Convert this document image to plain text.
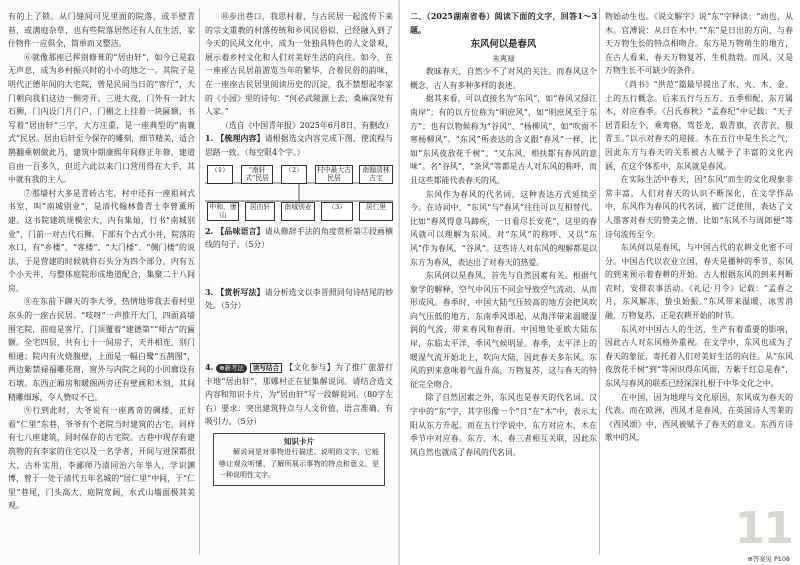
有的上了锁。从门缝间可见里面的院落，或半壁青苔，或满庭杂草，也有些院落居然还有人在生活，家什物件一应俱全，简单而又整洁。

⑥就像那座已挥别修葺的“居由轩”，如今已是寂无声息，成为乡村振兴时的小小的地之一。其院子是明代正德年间的大宅院，曾是民间当日的“客厅”，大门朝向我们这边一侧旁开。三进大夜，门外有一封大石狮，门内设门月门户，门楣之上挂着一块匾额，书写着“居由轩”三字，大方庄重，是一座典型的“南襄式”民居。居由后轩至今保存的雕刻，细节精美，适合鹊翻乘朝做此乃，建筑中期康熙年间修正年修，建道自由一百多久，但近六此以来门口营用得在大手，其中就有我的主人。

⑦那墙村大多是青砖古宅，村中还有一座祖祠式书室，叫“南城别业”，是清代翰林鲁青士李曾薰所建。这书院建筑规模宏大，内有集灿，行书“南城别业”，门前一对古代石狮。下部有个古式小井，院落的水口，有“乡楼”，“客楼”、“大门楼”、“侧门楼”的说法，于是营建的时候就将石头分为四个部分。内有五个小天井，与整体庭院形成地道配合，集聚二十八间房。

⑧在东前下聊天的李大爷，热情地带我去看村里东头的一座古民居。“吱呀”一声推开大门，四面高墙围宅院，前庭是客厅，门顶覆着“建德第”“师古”的匾额。全宅四层，共有七十一间房子，天井相连，别门相通；院内有火烧腹壁，上面是一幅白鹭“五鹊图”，两边紫禁禄福雕花窗，窗外与内院之间的小回廊设有石墩。东西正厢房和暖阁两旁还有壁画和木刻，其间精雕细琢，令人赞叹不已。

⑨行到此时，大爷说有一座离奇的碉楼，正好看“仁里”东巷，爷爷有个老院当时建筑的古宅，同样有七八座建筑，同时保存的古宅院。古巷中现存有建筑物的有李家的住宅以及一名学者，开间与进深都很大，古朴实用，李鄙师乃清同治六年举人，学识渊博，曾于一处于清代五年名城的“居仁里”中间，于“仁里”巷尾，门头高大，庭院宽阔，水式山墙面极其美观。

⑩步出巷口，我思村着，与古民居一起流传下来的宗文重教的村落传统和乡风民俗似，已经融入到了今天的民风文化中，成为一处独具特色的人文景观，展示着乡村文化和人们对美好生活的向往。如今，在一座座古民居前游览当年的繁华，合着民俗的韵味，在一座座古民居里阅读历史的沉淀，我不禁想起李家的《小园》里的诗句：“何必武陵源上去，桑麻深处有人家。”

（选自《中国青年报》2025年6月8日，有删改）

1. 【梳理内容】请根据选文内容完成下图，使流程与思路一致。（每空限4个字。）

（1）	“南轩式”民居
（2）	村中最大古民居
南翰清林古宅
中和、康山
居由轩	南城别业	（3）	居仁里

2. 【品味语言】请从修辞手法的角度赏析第②段画横线的句子。（5分）

3. 【赏析写法】请分析选文以李晋照同句诗结尾的妙处。（5分）

4. ⊕新考法 读写结合 【文化参与】为了推广旅游打卡地“居由轩”，那娜村正在征集解说词。请结合选文内容和知识卡片，为“居由轩”写一段解说词。（80字左右）要求：突出建筑特点与人文价值，语言准确、有吸引力。（5分）

知识卡片
解说词是对事物进行描述、说明的文字，它能够让观众听懂、了解所展示事物的特点和意义，是一种说明性文字。

二、（2025湖南省卷）阅读下面的文字，回答1～3题。

东风何以是春风
朱爽禄

教昧春天，自然少不了对风的关注。而春风这个概念，古人有多种多样的表述。

据其来看，可以直接名为“东风”，如“春风又绿江南岸”；有的以方位称为“明庶风”，如“明庶风至于东方”；也有以物候称为“谷风”、“杨柳风”，如“吹面不寒杨柳风”。“东风”所表达的含义跟“春风”一样，比如“东风夜放花千树”、“又东风，相扶都有春风的意味”。名“谷风”、“条风”等都是古人对东风的称呼，而且这些都能代表春天的风。

东风作为春风的代名词，这种表达方式延续至今。在诗词中，“东风”与“春风”往往可以互相替代。比如“春风得意马蹄疾，一日看尽长安花”，这里的春风就可以理解为东风。对“东风”的称呼、又以“东风”作为春风、“谷风”。这些诗人对东风的理解都是以东方为春风，表达出了对春天的热爱。

东风何以是春风，首先与自然因素有关。根据气象学的解释，空气中风压不同会导致空气流动，从而形成风。春季时，中国大陆气压较高的地方会把风吹向气压低的地方，东南季风即起，从海洋带来温暖湿润的气流，带来春风和春雨。中国地处亚欧大陆东岸，东临太平洋，季风气候明显。春季，太平洋上的暖湿气流开始北上，吹向大陆，因此春天多东风。东风的到来意味着气温升高，万物复苏，这与春天的特征完全吻合。

除了自然因素之外，东风也是春天的代名词。汉字中的“东”字，其字形像一个“日”在“木”中，表示太阳从东方升起。而在五行学说中，东方对应木，木在季节中对应春。东方、木、春三者相互关联，因此东风自然也就成了春风的代名词。

物始动生也。《说文解字》说“东”字释读：“动也，从木。官溥说：从日在木中。”“东”是日出的方向，与春天万物生长的特点相吻合。东方是万物萌生的地方，在古人看来，春天万物复苏，生机勃勃。而风，又是万物生长不可缺少的条件。

《尚书》“洪范”篇最早提出了水、火、木、金、土的五行概念。后来五行与五方、五季相配，东方属木，对应春季。《吕氏春秋》“孟春纪”中记载：“天子居青阳左个，乘鸾辂，驾苍龙，载青旗，衣青衣，服青玉。”以示对春天的迎接。木在五行中是生长之气，因此东方与春天的关系被古人赋予了丰富的文化内涵，在这个体系中，东风就是春风。

在实际生活中春天，因“东风”而生的文化现象非常丰富，人们对春天的认识不断深化，在文学作品中，东风作为春风的代名词，被广泛使用，表达了文人墨客对春天的赞美之情，比如“东风不与周郎便”等诗句流传至今。

东风何以是春风，与中国古代的农耕文化密不可分。中国古代以农业立国，春天是播种的季节，东风的到来预示着春耕的开始。古人根据东风的到来判断农时，安排农事活动。《礼记·月令》记载：“孟春之月，东风解冻，蛰虫始振。”东风带来温暖，冰雪消融，万物复苏，正是农耕开始的时节。

东风对中国古人的生活、生产有着重要的影响，因此古人对东风格外重视。在文学中，东风也成为了春天的象征，寄托着人们对美好生活的向往。从“东风夜放花千树”到“等闲识得东风面，万紫千红总是春”，东风与春风的联系已经深深扎根于中华文化之中。

在中国，因为地理与文化原因，东风成为春天的代表。而在欧洲，西风才是春风，在英国诗人雪莱的《西风颂》中，西风被赋予了春天的意义。东西方诗歌中的风，

11
⊕答案见 P108
